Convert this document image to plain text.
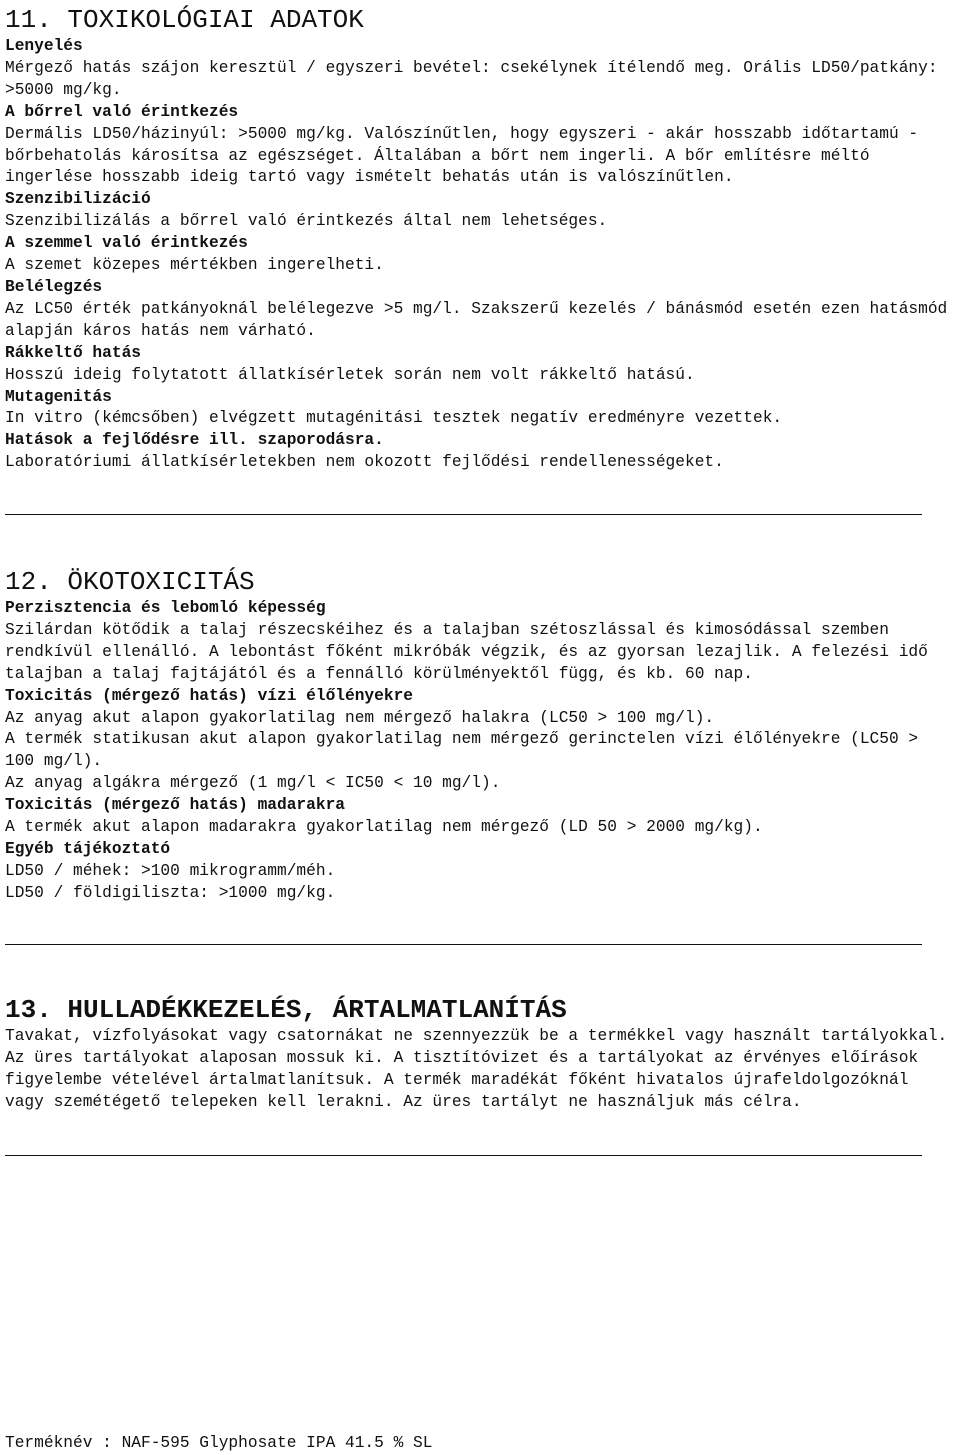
11. TOXIKOLÓGIAI ADATOK
Lenyelés
Mérgező hatás szájon keresztül / egyszeri bevétel: csekélynek ítélendő meg. Orális LD50/patkány: >5000 mg/kg.
A bőrrel való érintkezés
Dermális LD50/házinyúl: >5000 mg/kg. Valószínűtlen, hogy egyszeri - akár hosszabb időtartamú - bőrbehatolás károsítsa az egészséget. Általában a bőrt nem ingerli. A bőr említésre méltó ingerlése hosszabb ideig tartó vagy ismételt behatás után is valószínűtlen.
Szenzibilizáció
Szenzibilizálás a bőrrel való érintkezés által nem lehetséges.
A szemmel való érintkezés
A szemet közepes mértékben ingerelheti.
Belélegzés
Az LC50 érték patkányoknál belélegezve >5 mg/l. Szakszerű kezelés / bánásmód esetén ezen hatásmód alapján káros hatás nem várható.
Rákkeltő hatás
Hosszú ideig folytatott állatkísérletek során nem volt rákkeltő hatású.
Mutagenitás
In vitro (kémcsőben) elvégzett mutagénitási tesztek negatív eredményre vezettek.
Hatások a fejlődésre ill. szaporodásra.
Laboratóriumi állatkísérletekben nem okozott fejlődési rendellenességeket.
12. ÖKOTOXICITÁS
Perzisztencia és lebomló képesség
Szilárdan kötődik a talaj részecskéihez és a talajban szétoszlással és kimosódással szemben rendkívül ellenálló. A lebontást főként mikróbák végzik, és az gyorsan lezajlik. A felezési idő talajban a talaj fajtájától és a fennálló körülményektől függ, és kb. 60 nap.
Toxicitás (mérgező hatás) vízi élőlényekre
Az anyag akut alapon gyakorlatilag nem mérgező halakra (LC50 > 100 mg/l).
A termék statikusan akut alapon gyakorlatilag nem mérgező gerinctelen vízi élőlényekre (LC50 > 100 mg/l).
Az anyag algákra mérgező (1 mg/l < IC50 < 10 mg/l).
Toxicitás (mérgező hatás) madarakra
A termék akut alapon madarakra gyakorlatilag nem mérgező (LD 50 > 2000 mg/kg).
Egyéb tájékoztató
LD50 / méhek: >100 mikrogramm/méh.
LD50 / földigiliszta: >1000 mg/kg.
13. HULLADÉKKEZELÉS, ÁRTALMATLANÍTÁS
Tavakat, vízfolyásokat vagy csatornákat ne szennyezzük be a termékkel vagy használt tartályokkal. Az üres tartályokat alaposan mossuk ki. A tisztítóvizet és a tartályokat az érvényes előírások figyelembe vételével ártalmatlanítsuk. A termék maradékát főként hivatalos újrafeldolgozóknál vagy szemétégető telepeken kell lerakni. Az üres tartályt ne használjuk más célra.
Terméknév : NAF-595 Glyphosate IPA 41.5 % SL
